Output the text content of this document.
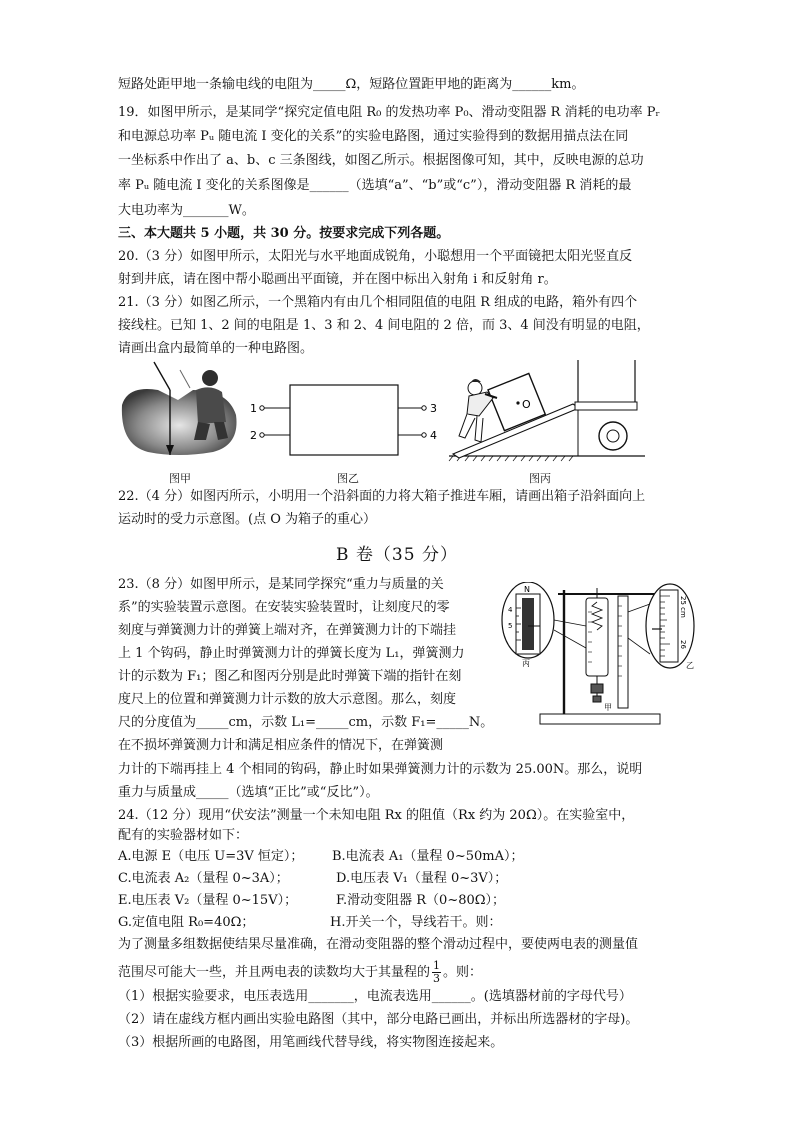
短路处距甲地一条输电线的电阻为_____Ω，短路位置距甲地的距离为______km。
19．如图甲所示，是某同学“探究定值电阻 R₀ 的发热功率 P₀、滑动变阻器 R 消耗的电功率 Pᵣ
和电源总功率 Pᵤ 随电流 I 变化的关系”的实验电路图，通过实验得到的数据用描点法在同
一坐标系中作出了 a、b、c 三条图线，如图乙所示。根据图像可知，其中，反映电源的总功
率 Pᵤ 随电流 I 变化的关系图像是______（选填“a”、“b”或“c”），滑动变阻器 R 消耗的最
大电功率为_______W。
三、本大题共 5 小题，共 30 分。按要求完成下列各题。
20.（3 分）如图甲所示，太阳光与水平地面成锐角，小聪想用一个平面镜把太阳光竖直反
射到井底，请在图中帮小聪画出平面镜，并在图中标出入射角 i 和反射角 r。
21.（3 分）如图乙所示，一个黑箱内有由几个相同阻值的电阻 R 组成的电路，箱外有四个
接线柱。已知 1、2 间的电阻是 1、3 和 2、4 间电阻的 2 倍，而 3、4 间没有明显的电阻，
请画出盒内最简单的一种电路图。
1
2
3
4
O
图甲	图乙	图丙
22.（4 分）如图丙所示，小明用一个沿斜面的力将大箱子推进车厢，请画出箱子沿斜面向上
运动时的受力示意图。(点 O 为箱子的重心）
B 卷（35 分）
23.（8 分）如图甲所示，是某同学探究“重力与质量的关
系”的实验装置示意图。在安装实验装置时，让刻度尺的零
刻度与弹簧测力计的弹簧上端对齐，在弹簧测力计的下端挂
上 1 个钩码，静止时弹簧测力计的弹簧长度为 L₁，弹簧测力
计的示数为 F₁；图乙和图丙分别是此时弹簧下端的指针在刻
度尺上的位置和弹簧测力计示数的放大示意图。那么，刻度
尺的分度值为_____cm，示数 L₁=_____cm，示数 F₁=_____N。
在不损坏弹簧测力计和满足相应条件的情况下，在弹簧测
N
4
5
丙
甲
25 cm
26
乙
力计的下端再挂上 4 个相同的钩码，静止时如果弹簧测力计的示数为 25.00N。那么，说明
重力与质量成_____（选填“正比”或“反比”）。
24.（12 分）现用“伏安法”测量一个未知电阻 Rx 的阻值（Rx 约为 20Ω）。在实验室中，
配有的实验器材如下：
A.电源 E（电压 U=3V 恒定）； B.电流表 A₁（量程 0~50mA）；
C.电流表 A₂（量程 0~3A）；	D.电压表 V₁（量程 0~3V）；
E.电压表 V₂（量程 0~15V）；	F.滑动变阻器 R（0~80Ω）；
G.定值电阻 R₀=40Ω；	H.开关一个，导线若干。则：
为了测量多组数据使结果尽量准确，在滑动变阻器的整个滑动过程中，要使两电表的测量值
范围尽可能大一些，并且两电表的读数均大于其量程的 $\frac{1}{3}$ 。则：
（1）根据实验要求，电压表选用_______，电流表选用______。(选填器材前的字母代号）
（2）请在虚线方框内画出实验电路图（其中，部分电路已画出，并标出所选器材的字母)。
（3）根据所画的电路图，用笔画线代替导线，将实物图连接起来。
